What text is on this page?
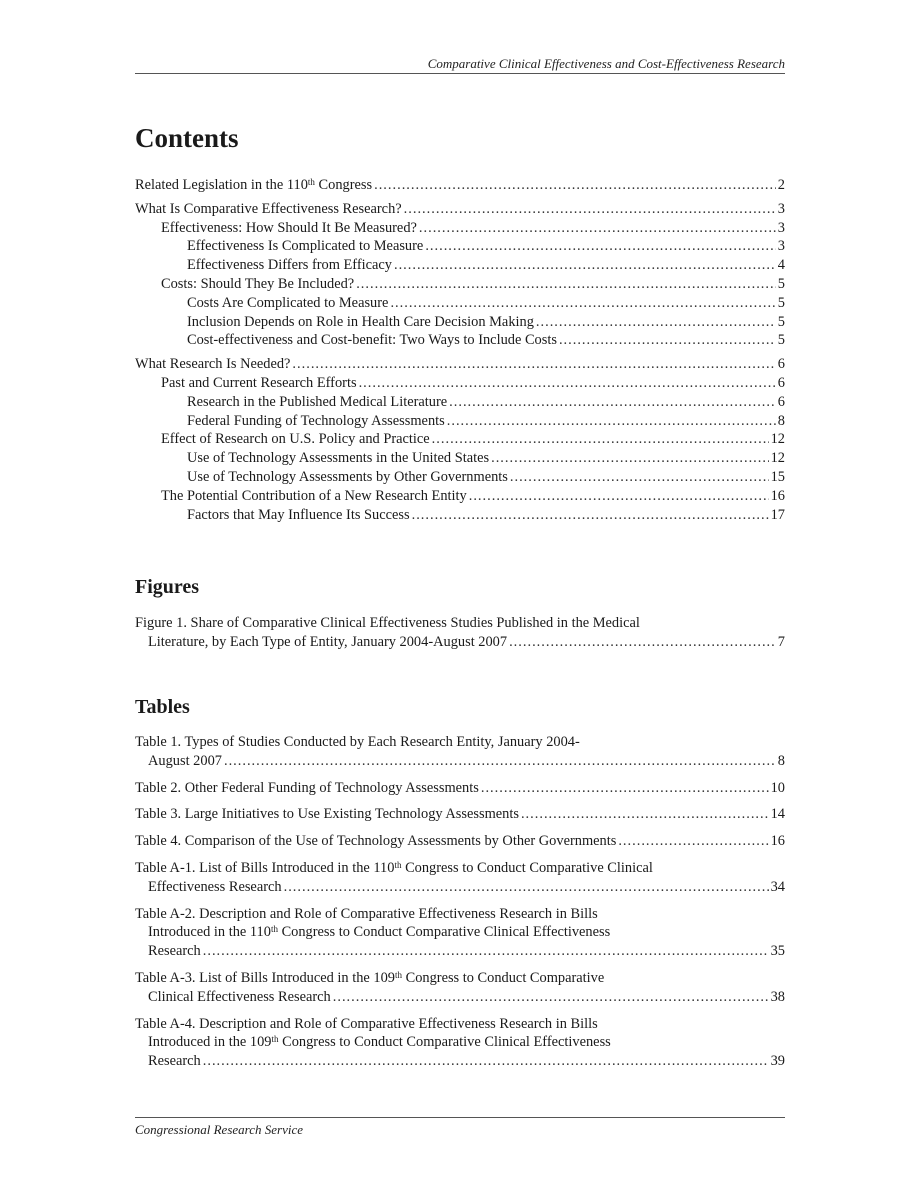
Comparative Clinical Effectiveness and Cost-Effectiveness Research
Contents
Related Legislation in the 110th Congress .....	2
What Is Comparative Effectiveness Research? .....	3
Effectiveness: How Should It Be Measured? .....	3
Effectiveness Is Complicated to Measure .....	3
Effectiveness Differs from Efficacy .....	4
Costs: Should They Be Included? .....	5
Costs Are Complicated to Measure .....	5
Inclusion Depends on Role in Health Care Decision Making .....	5
Cost-effectiveness and Cost-benefit: Two Ways to Include Costs .....	5
What Research Is Needed? .....	6
Past and Current Research Efforts .....	6
Research in the Published Medical Literature .....	6
Federal Funding of Technology Assessments .....	8
Effect of Research on U.S. Policy and Practice .....	12
Use of Technology Assessments in the United States .....	12
Use of Technology Assessments by Other Governments .....	15
The Potential Contribution of a New Research Entity .....	16
Factors that May Influence Its Success .....	17
Figures
Figure 1. Share of Comparative Clinical Effectiveness Studies Published in the Medical
Literature, by Each Type of Entity, January 2004-August 2007 .....	7
Tables
Table 1. Types of Studies Conducted by Each Research Entity, January 2004-
August 2007 .....	8
Table 2. Other Federal Funding of Technology Assessments .....	10
Table 3. Large Initiatives to Use Existing Technology Assessments .....	14
Table 4. Comparison of the Use of Technology Assessments by Other Governments .....	16
Table A-1. List of Bills Introduced in the 110th Congress to Conduct Comparative Clinical
Effectiveness Research .....	34
Table A-2. Description and Role of Comparative Effectiveness Research in Bills
Introduced in the 110th Congress to Conduct Comparative Clinical Effectiveness
Research .....	35
Table A-3. List of Bills Introduced in the 109th Congress to Conduct Comparative
Clinical Effectiveness Research .....	38
Table A-4. Description and Role of Comparative Effectiveness Research in Bills
Introduced in the 109th Congress to Conduct Comparative Clinical Effectiveness
Research .....	39
Congressional Research Service
